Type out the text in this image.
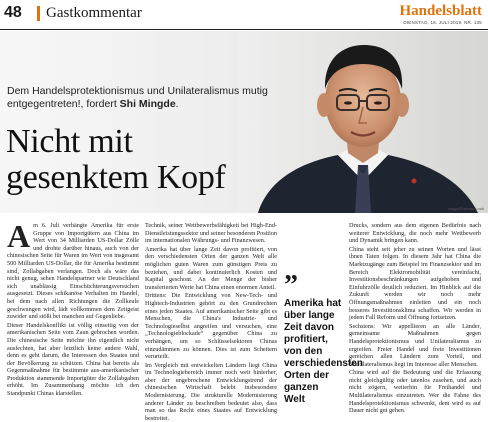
48 Gastkommentar	Handelsblatt
DIENSTAG, 16. JULI 2019, NR. 135
imago/Russian Look
Dem Handelsprotektionismus und Unilateralismus mutig entgegentreten!, fordert Shi Mingde.
Nicht mit
gesenktem Kopf
A m 6. Juli verhängte Amerika für erste Gruppe von Importgütern aus China im Wert von 34 Milliarden US-Dollar Zölle und drohte darüber hinaus, auch von der chinesischen Seite für Waren im Wert von insgesamt 500 Milliarden US-Dollar, die für Amerika bestimmt sind, Zollabgaben verlangen. Doch als wäre das nicht genug, sehen Handelspartner wie Deutschland sich unablässig Einschüchterungsversuchen ausgesetzt. Dieses schikanöse Verhalten im Handel, bei dem nach allen Richtungen die Zollkeule geschwungen wird, lädt vollkommen dem Zeitgeist zuwider und stößt bei manchen auf Gegenliebe.

Dieser Handelskonflikt ist völlig einseitig von der amerikanischen Seite vom Zaun gebrochen worden. Die chinesische Seite möchte ihn eigentlich nicht ausfechten, hat aber letztlich keine andere Wahl, denn es geht darum, die Interessen des Staates und der Bevölkerung zu schützen. China hat bereits als Gegenmaßnahme für bestimmte aus-amerikanischer Produktion stammende Importgüter die Zollabgaben erhöht. Im Zusammenhang möchte ich den Standpunkt Chinas klarstellen.

Technik, seiner Wettbewerbsfähigkeit bei High-End-Dienstleistungssektor und seiner besonderen Position im internationalen Währungs- und Finanzwesen.

Amerika hat über lange Zeit davon profitiert, von den verschiedensten Orten der ganzen Welt alle möglichen guten Waren zum günstigen Preis zu beziehen, und dabei kontinuierlich Kosten und Kapital geschont. An der Menge der bisher transferierten Werte hat China einen enormen Anteil.

Drittens: Die Entwicklung von New-Tech- und Hightech-Industrien gehört zu den Grundrechten eines jeden Staates. Auf amerikanischer Seite gibt es Menschen, die China's Industrie- und Technologieselbst angreifen und versuchen, eine „Technologieblockade“ gegenüber China zu verhängen, um so Schlüsselsektoren Chinas einzudämmen zu können. Dies ist zum Scheitern verurteilt.

Im Vergleich mit entwickelten Ländern liegt China im Technologiebereich immer noch weit hinterher, aber der ungebrochene Entwicklungstrend der chinesischen Wirtschaft belebt insbesondere Modernisierung. Die strukturelle Modernisierung anderer Länder zu beschreiben bedeutet also, dass man so das Recht eines Staates auf Entwicklung bestreitet.

”
Amerika hat über lange Zeit davon profitiert, von den verschiedensten Orten der ganzen Welt

Drucks, sondern aus dem eigenen Bedürfnis nach weiterer Entwicklung, die noch mehr Wettbewerb und Dynamik bringen kann.

China steht seit jeher zu seinen Worten und lässt ihnen Taten folgen. In diesem Jahr hat China die Marktzugänge zum Beispiel im Finanzsektor und im Bereich Elektromobilität vereinfacht, Investitionsbeschränkungen aufgehoben und Einfuhrzölle deutlich reduziert. Im Hinblick auf die Zukunft werden wir noch mehr Öffnungsmaßnahmen einleiten und ein noch besseres Investitionsklima schaffen. Wir werden in jedem Fall Reform und Öffnung fortsetzen.

Sechstens: Wir appellieren an alle Länder, gemeinsame Maßnahmen gegen Handelsprotektionismus und Unilateralismus zu ergreifen. Freier Handel und freie Investitionen gereichen allen Ländern zum Vorteil, und Multilateralismus liegt im Interesse aller Menschen.

China wird auf die Bedeutung und die Erfassung nicht gleichgültig oder tatenlos zusehen, und auch nicht zögern, weiterhin für Freihandel und Multilateralismus einzutreten. Wer die Fahne des Handelsprotektionismus schwenkt, dem wird es auf Dauer nicht gut gehen.
